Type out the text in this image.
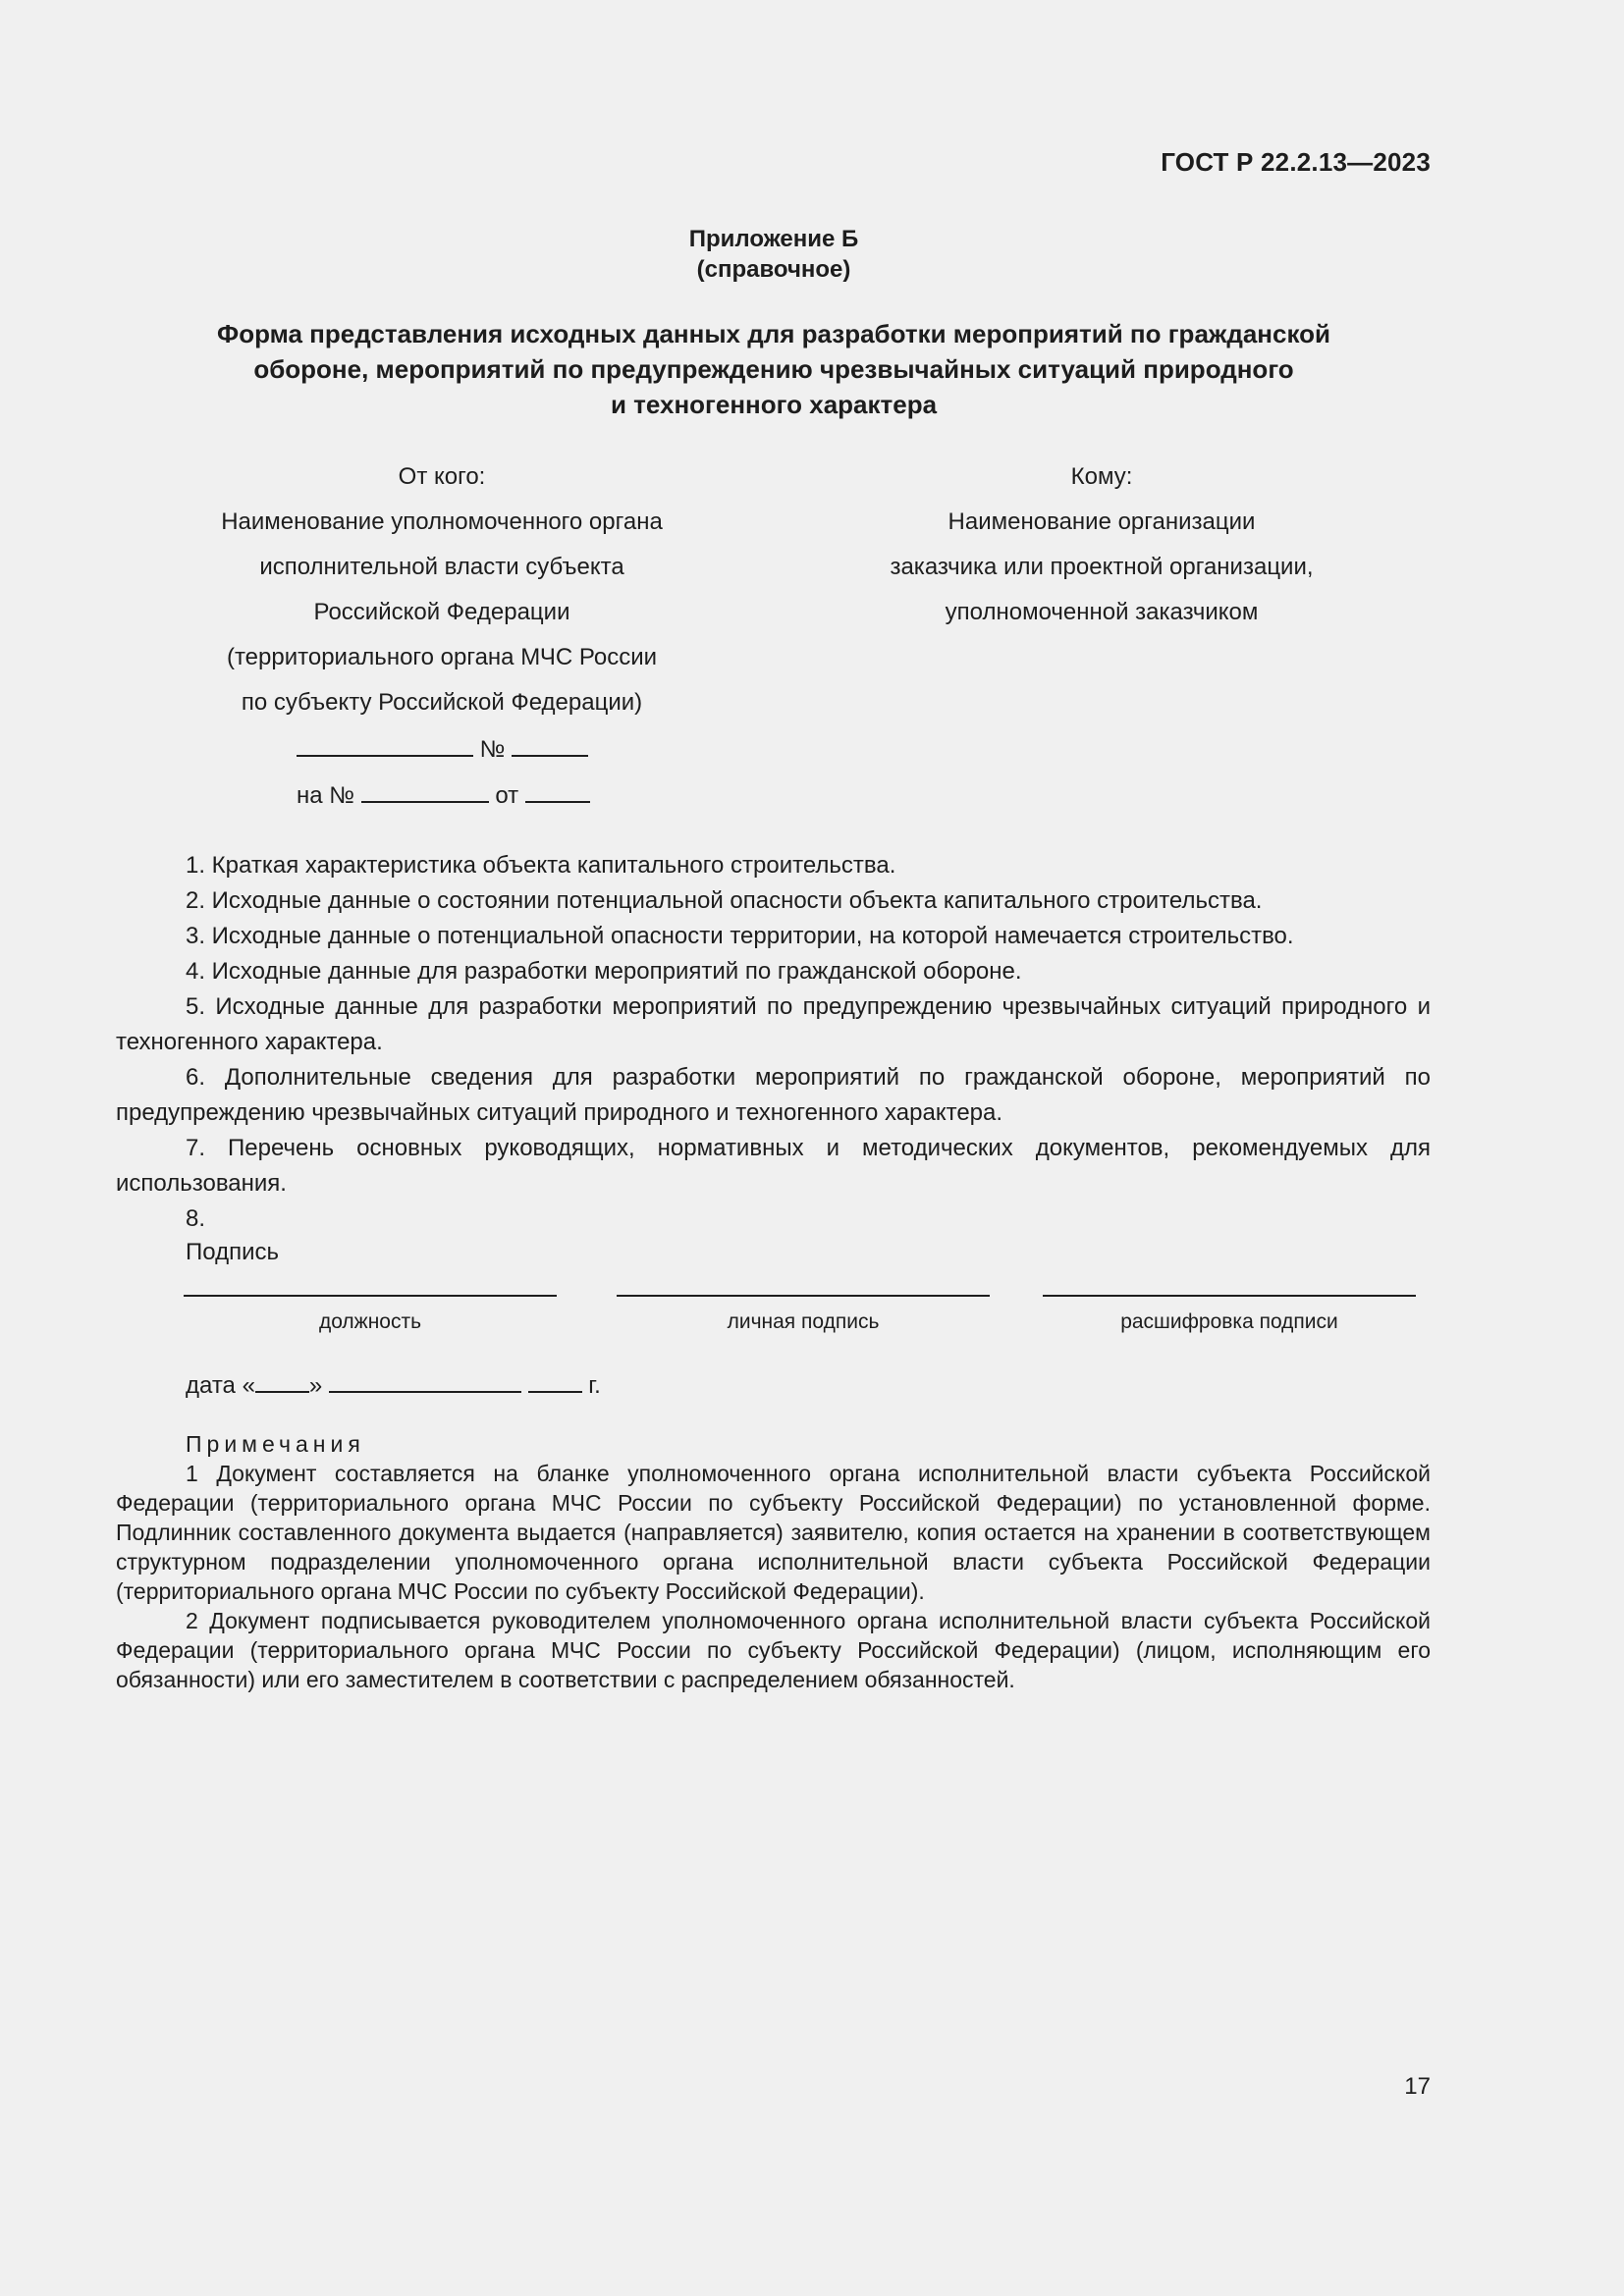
ГОСТ Р 22.2.13—2023
Приложение Б
(справочное)
Форма представления исходных данных для разработки мероприятий по гражданской
обороне, мероприятий по предупреждению чрезвычайных ситуаций природного
и техногенного характера
От кого:
Наименование уполномоченного органа
исполнительной власти субъекта
Российской Федерации
(территориального органа МЧС России
по субъекту Российской Федерации)
№
на №	от
Кому:
Наименование организации
заказчика или проектной организации,
уполномоченной заказчиком

1. Краткая характеристика объекта капитального строительства.

2. Исходные данные о состоянии потенциальной опасности объекта капитального строительства.

3. Исходные данные о потенциальной опасности территории, на которой намечается строительство.

4. Исходные данные для разработки мероприятий по гражданской обороне.

5. Исходные данные для разработки мероприятий по предупреждению чрезвычайных ситуаций природного и техногенного характера.

6. Дополнительные сведения для разработки мероприятий по гражданской обороне, мероприятий по предупреждению чрезвычайных ситуаций природного и техногенного характера.

7. Перечень основных руководящих, нормативных и методических документов, рекомендуемых для использования.

8.

Подпись
должность	личная подпись	расшифровка подписи
дата « »	г.
Примечания

1 Документ составляется на бланке уполномоченного органа исполнительной власти субъекта Российской Федерации (территориального органа МЧС России по субъекту Российской Федерации) по установленной форме. Подлинник составленного документа выдается (направляется) заявителю, копия остается на хранении в соответствующем структурном подразделении уполномоченного органа исполнительной власти субъекта Российской Федерации (территориального органа МЧС России по субъекту Российской Федерации).

2 Документ подписывается руководителем уполномоченного органа исполнительной власти субъекта Российской Федерации (территориального органа МЧС России по субъекту Российской Федерации) (лицом, исполняющим его обязанности) или его заместителем в соответствии с распределением обязанностей.

17
